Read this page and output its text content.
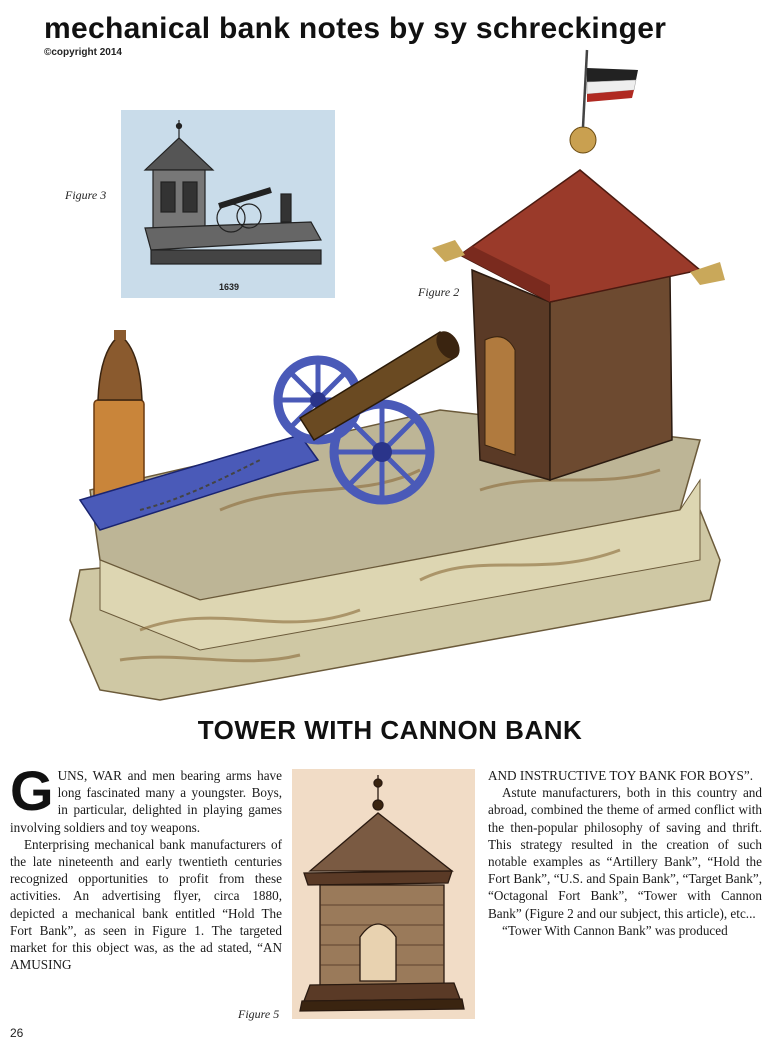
mechanical bank notes by sy schreckinger
©copyright 2014
1639
Figure 3
Figure 2
TOWER WITH CANNON BANK

GUNS, WAR and men bearing arms have long fascinated many a youngster. Boys, in particular, delighted in playing games involving soldiers and toy weapons.

Enterprising mechanical bank manufacturers of the late nineteenth and early twentieth centuries recognized opportunities to profit from these activities. An advertising flyer, circa 1880, depicted a mechanical bank entitled “Hold The Fort Bank”, as seen in Figure 1. The targeted market for this object was, as the ad stated, “AN AMUSING

Figure 5

AND INSTRUCTIVE TOY BANK FOR BOYS”.

Astute manufacturers, both in this country and abroad, combined the theme of armed conflict with the then-popular philosophy of saving and thrift. This strategy resulted in the creation of such notable examples as “Artillery Bank”, “Hold the Fort Bank”, “U.S. and Spain Bank”, “Target Bank”, “Octagonal Fort Bank”, “Tower with Cannon Bank” (Figure 2 and our subject, this article), etc...

“Tower With Cannon Bank” was produced

26
